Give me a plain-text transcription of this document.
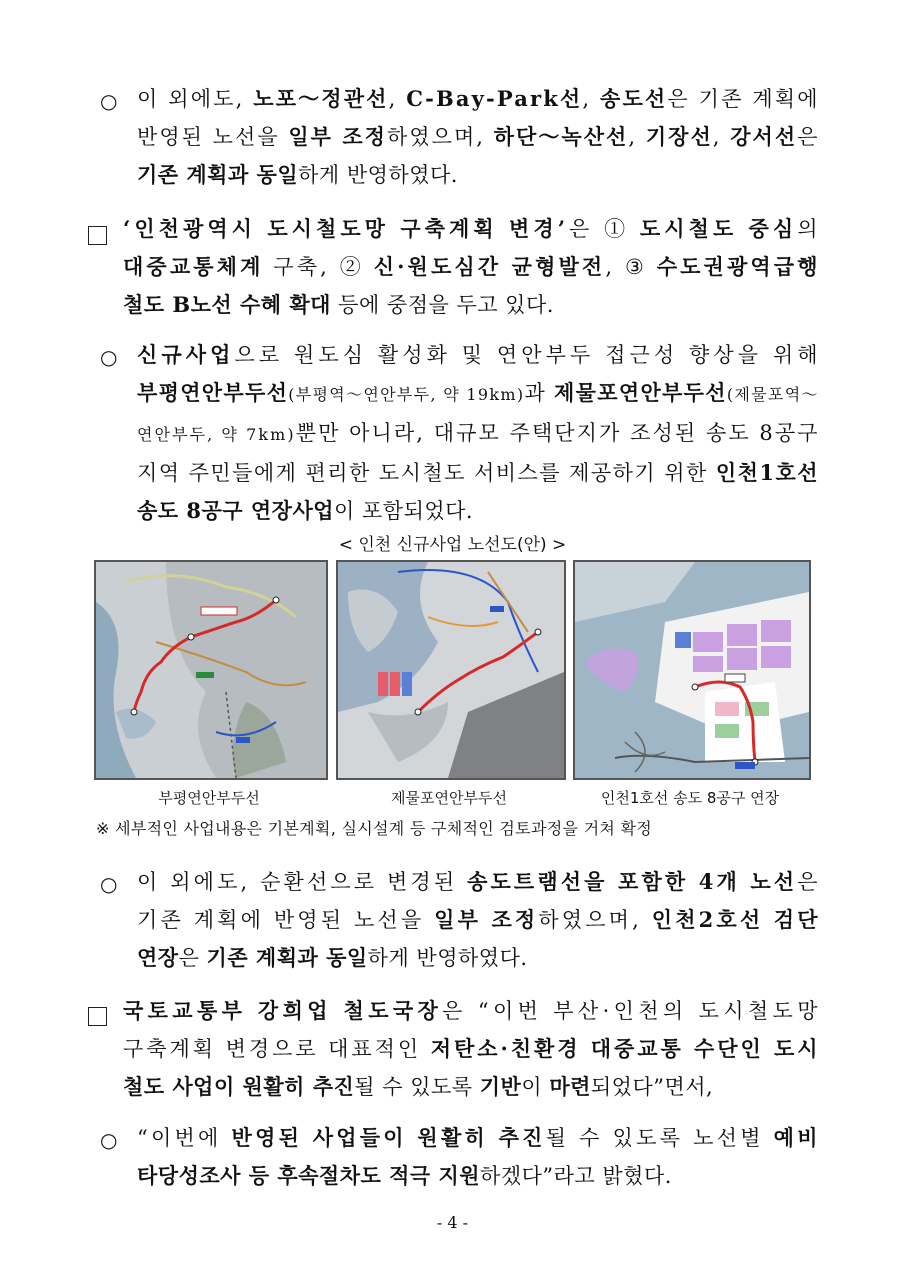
○ 이 외에도, 노포～정관선, C-Bay-Park선, 송도선은 기존 계획에

반영된 노선을 일부 조정하였으며, 하단～녹산선, 기장선, 강서선은

기존 계획과 동일하게 반영하였다.

‘인천광역시 도시철도망 구축계획 변경’은 ① 도시철도 중심의

대중교통체계 구축, ② 신·원도심간 균형발전, ③ 수도권광역급행

철도 B노선 수혜 확대 등에 중점을 두고 있다.

○ 신규사업으로 원도심 활성화 및 연안부두 접근성 향상을 위해

부평연안부두선(부평역～연안부두, 약 19km)과 제물포연안부두선(제물포역～

연안부두, 약 7km)뿐만 아니라, 대규모 주택단지가 조성된 송도 8공구

지역 주민들에게 편리한 도시철도 서비스를 제공하기 위한 인천1호선

송도 8공구 연장사업이 포함되었다.

< 인천 신규사업 노선도(안) >
부평연안부두선	제물포연안부두선	인천1호선 송도 8공구 연장
※ 세부적인 사업내용은 기본계획, 실시설계 등 구체적인 검토과정을 거쳐 확정
○ 이 외에도, 순환선으로 변경된 송도트램선을 포함한 4개 노선은

기존 계획에 반영된 노선을 일부 조정하였으며, 인천2호선 검단

연장은 기존 계획과 동일하게 반영하였다.

국토교통부 강희업 철도국장은 “이번 부산·인천의 도시철도망

구축계획 변경으로 대표적인 저탄소·친환경 대중교통 수단인 도시

철도 사업이 원활히 추진될 수 있도록 기반이 마련되었다”면서,

○ “이번에 반영된 사업들이 원활히 추진될 수 있도록 노선별 예비

타당성조사 등 후속절차도 적극 지원하겠다”라고 밝혔다.

- 4 -
